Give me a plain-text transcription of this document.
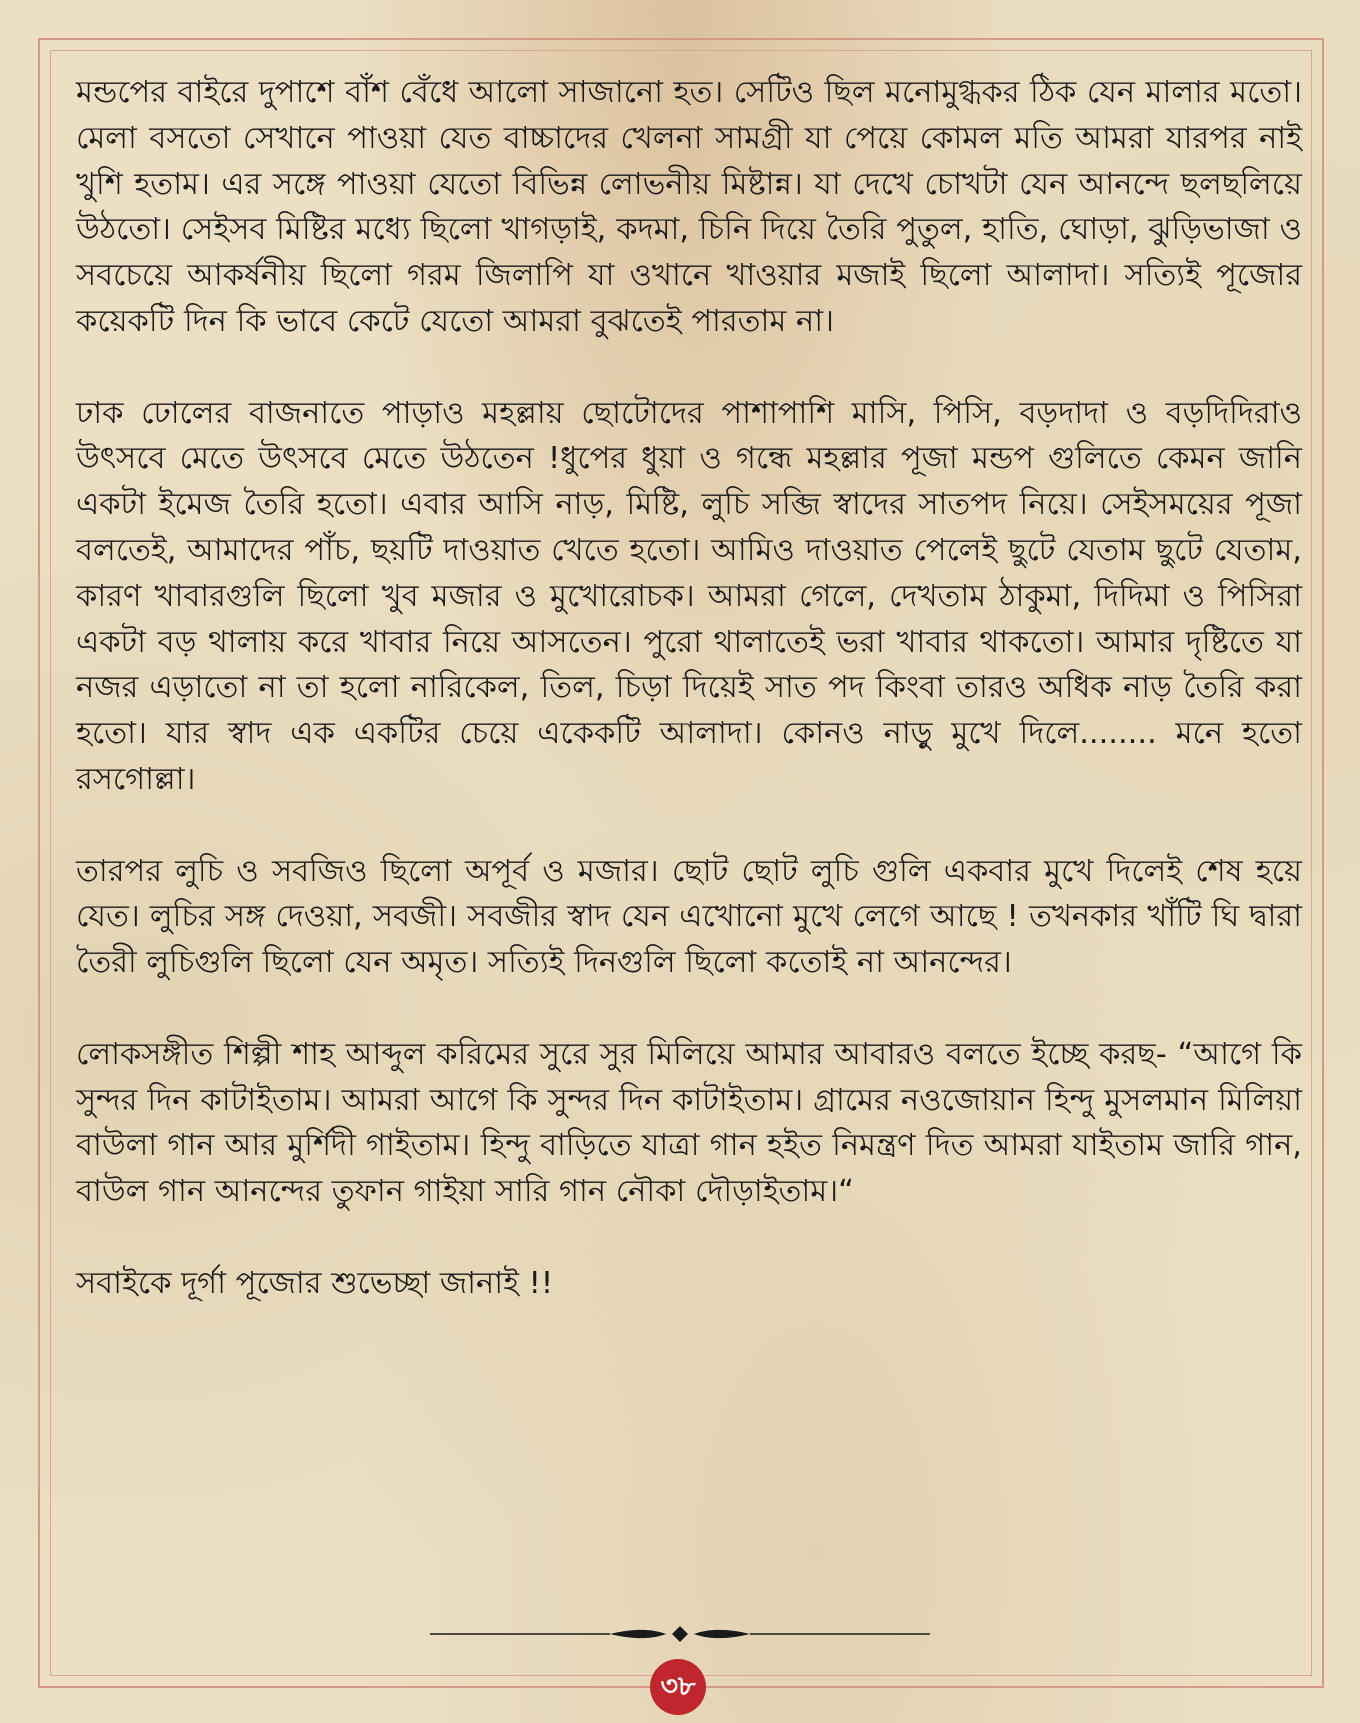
মন্ডপের বাইরে দুপাশে বাঁশ বেঁধে আলো সাজানো হত। সেটিও ছিল মনোমুগ্ধকর ঠিক যেন মালার মতো। মেলা বসতো সেখানে পাওয়া যেত বাচ্চাদের খেলনা সামগ্রী যা পেয়ে কোমল মতি আমরা যারপর নাই খুশি হতাম। এর সঙ্গে পাওয়া যেতো বিভিন্ন লোভনীয় মিষ্টান্ন। যা দেখে চোখটা যেন আনন্দে ছলছলিয়ে উঠতো। সেইসব মিষ্টির মধ্যে ছিলো খাগড়াই, কদমা, চিনি দিয়ে তৈরি পুতুল, হাতি, ঘোড়া, ঝুড়িভাজা ও সবচেয়ে আকর্ষনীয় ছিলো গরম জিলাপি যা ওখানে খাওয়ার মজাই ছিলো আলাদা। সত্যিই পূজোর কয়েকটি দিন কি ভাবে কেটে যেতো আমরা বুঝতেই পারতাম না।

ঢাক ঢোলের বাজনাতে পাড়াও মহল্লায় ছোটোদের পাশাপাশি মাসি, পিসি, বড়দাদা ও বড়দিদিরাও উৎসবে মেতে উৎসবে মেতে উঠতেন !ধুপের ধুয়া ও গন্ধে মহল্লার পূজা মন্ডপ গুলিতে কেমন জানি একটা ইমেজ তৈরি হতো। এবার আসি নাড়, মিষ্টি, লুচি সব্জি স্বাদের সাতপদ নিয়ে। সেইসময়ের পূজা বলতেই, আমাদের পাঁচ, ছয়টি দাওয়াত খেতে হতো। আমিও দাওয়াত পেলেই ছুটে যেতাম ছুটে যেতাম, কারণ খাবারগুলি ছিলো খুব মজার ও মুখোরোচক। আমরা গেলে, দেখতাম ঠাকুমা, দিদিমা ও পিসিরা একটা বড় থালায় করে খাবার নিয়ে আসতেন। পুরো থালাতেই ভরা খাবার থাকতো। আমার দৃষ্টিতে যা নজর এড়াতো না তা হলো নারিকেল, তিল, চিড়া দিয়েই সাত পদ কিংবা তারও অধিক নাড় তৈরি করা হতো। যার স্বাদ এক একটির চেয়ে একেকটি আলাদা। কোনও নাড়ু মুখে দিলে........ মনে হতো রসগোল্লা।

তারপর লুচি ও সবজিও ছিলো অপূর্ব ও মজার। ছোট ছোট লুচি গুলি একবার মুখে দিলেই শেষ হয়ে যেত। লুচির সঙ্গ দেওয়া, সবজী। সবজীর স্বাদ যেন এখোনো মুখে লেগে আছে ! তখনকার খাঁটি ঘি দ্বারা তৈরী লুচিগুলি ছিলো যেন অমৃত। সত্যিই দিনগুলি ছিলো কতোই না আনন্দের।

লোকসঙ্গীত শিল্পী শাহ আব্দুল করিমের সুরে সুর মিলিয়ে আমার আবারও বলতে ইচ্ছে করছ- “আগে কি সুন্দর দিন কাটাইতাম। আমরা আগে কি সুন্দর দিন কাটাইতাম। গ্রামের নওজোয়ান হিন্দু মুসলমান মিলিয়া বাউলা গান আর মুর্শিদী গাইতাম। হিন্দু বাড়িতে যাত্রা গান হইত নিমন্ত্রণ দিত আমরা যাইতাম জারি গান, বাউল গান আনন্দের তুফান গাইয়া সারি গান নৌকা দৌড়াইতাম।“

সবাইকে দূর্গা পূজোর শুভেচ্ছা জানাই !!

৩৮
